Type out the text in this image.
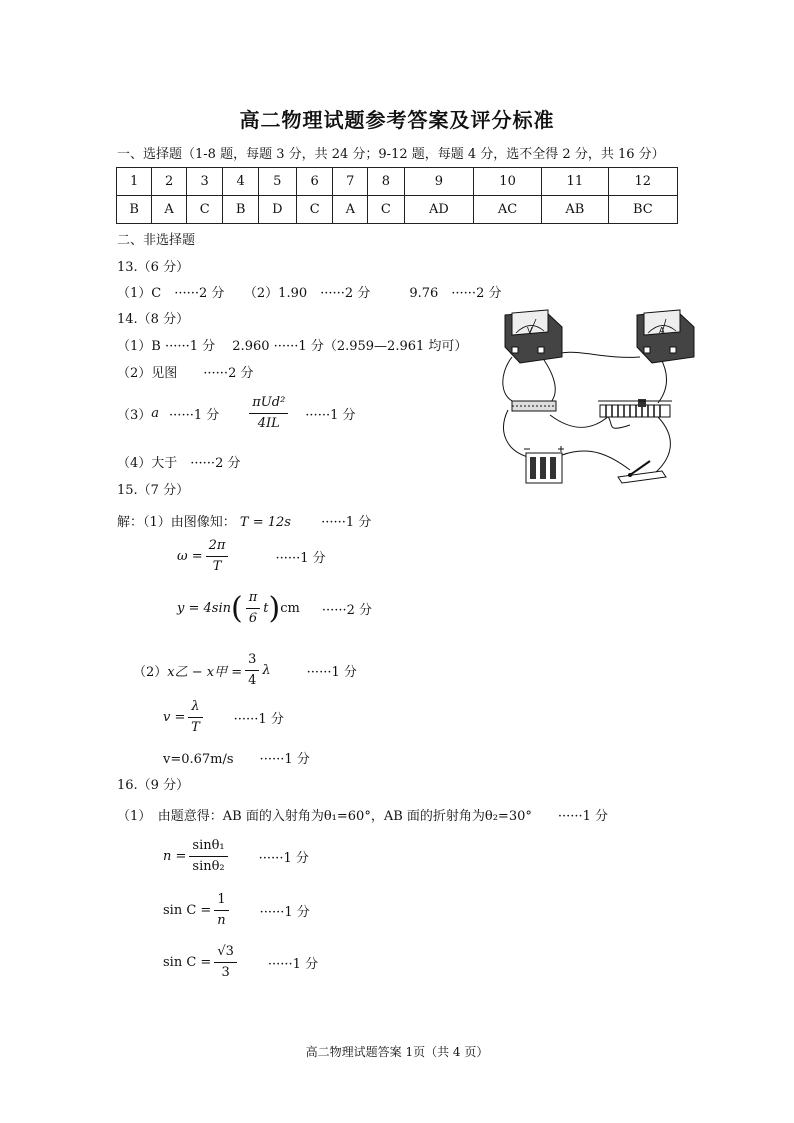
高二物理试题参考答案及评分标准
一、选择题（1-8 题，每题 3 分，共 24 分；9-12 题，每题 4 分，选不全得 2 分，共 16 分）
1	2	3	4	5	6	7	8	9	10	11	12
B	A	C	B	D	C	A	C	AD	AC	AB	BC
二、非选择题
13.（6 分）
（1）C　······2 分　　（2）1.90　······2 分　　　9.76　······2 分
14.（8 分）
（1）B ······1 分　 2.960 ······1 分（2.959—2.961 均可）
（2）见图　　······2 分
（3） a ······1 分 $\frac{\text{πUd²}}{4IL} \cdot\cdot\cdot\cdot\cdot\cdot 1$ 分
（4）大于　······2 分
V	A
15.（7 分）
解：（1）由图像知： T = 12s ······1 分
$\omega = \frac{2\pi}{T}$	······1 分
y = 4sin ( $\frac{\pi}{6}$ t ) cm ······2 分
（2） x乙 − x甲 = $\frac{3}{4}$ λ	······1 分
$v = \frac{\lambda}{T} \cdot\cdot\cdot\cdot\cdot\cdot 1$ 分
v=0.67m/s　　······1 分
16.（9 分）
（1）　由题意得：AB 面的入射角为θ₁=60°，AB 面的折射角为θ₂=30°　　······1 分
$n = \frac{\text{sinθ₁}}{\text{sinθ₂}} \cdot\cdot\cdot\cdot\cdot\cdot 1$ 分
$\sin C = \frac{1}{n} \cdot\cdot\cdot\cdot\cdot\cdot 1$ 分
$\sin C = \frac{√3}{3} \cdot\cdot\cdot\cdot\cdot\cdot 1$ 分
高二物理试题答案 1页（共 4 页）
